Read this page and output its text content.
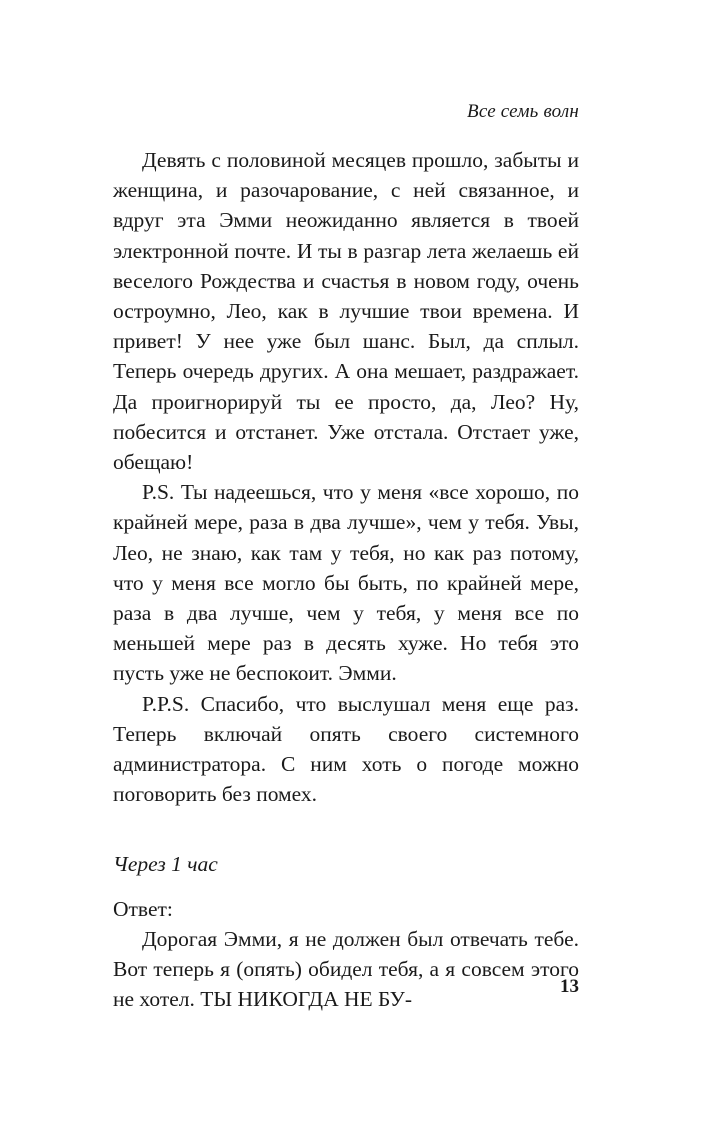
Все семь волн

Девять с половиной месяцев прошло, забыты и женщина, и разочарование, с ней связанное, и вдруг эта Эмми неожиданно является в твоей электронной почте. И ты в разгар лета желаешь ей веселого Рождества и счастья в новом году, очень остроумно, Лео, как в лучшие твои времена. И привет! У нее уже был шанс. Был, да сплыл. Теперь очередь других. А она мешает, раздражает. Да проигнорируй ты ее просто, да, Лео? Ну, побесится и отстанет. Уже отстала. Отстает уже, обещаю!

P.S. Ты надеешься, что у меня «все хорошо, по крайней мере, раза в два лучше», чем у тебя. Увы, Лео, не знаю, как там у тебя, но как раз потому, что у меня все могло бы быть, по крайней мере, раза в два лучше, чем у тебя, у меня все по меньшей мере раз в десять хуже. Но тебя это пусть уже не беспокоит. Эмми.

P.P.S. Спасибо, что выслушал меня еще раз. Теперь включай опять своего системного администратора. С ним хоть о погоде можно поговорить без помех.

Через 1 час

Ответ:

Дорогая Эмми, я не должен был отвечать тебе. Вот теперь я (опять) обидел тебя, а я совсем этого не хотел. ТЫ НИКОГДА НЕ БУ-

13
